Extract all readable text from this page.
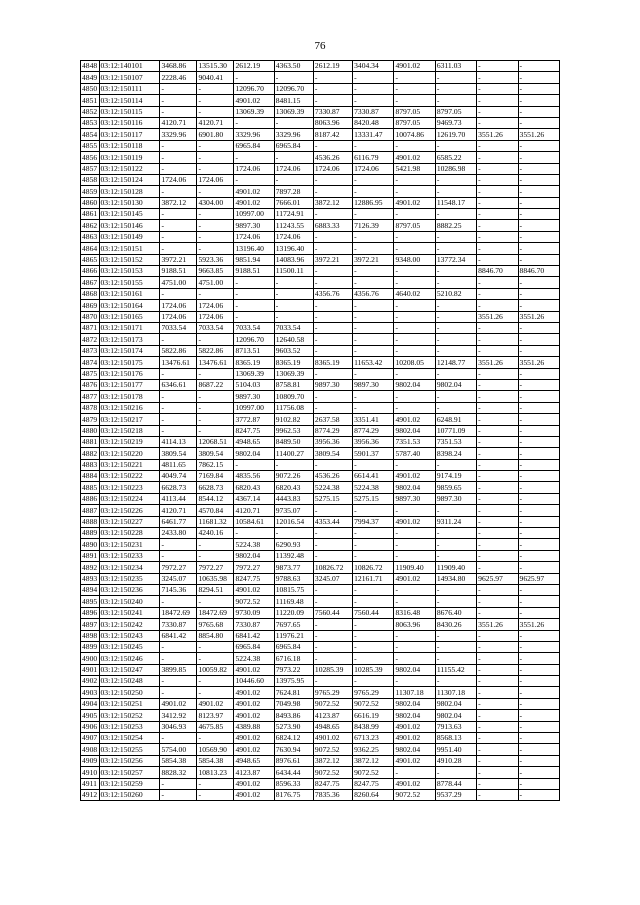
76
4848	03:12:140101	3468.86	13515.30	2612.19	4363.50	2612.19	3404.34	4901.02	6311.03	-	-
4849	03:12:150107	2228.46	9040.41	-	-	-	-	-	-	-	-
4850	03:12:150111	-	-	12096.70	12096.70	-	-	-	-	-	-
4851	03:12:150114	-	-	4901.02	8481.15	-	-	-	-	-	-
4852	03:12:150115	-	-	13069.39	13069.39	7330.87	7330.87	8797.05	8797.05	-	-
4853	03:12:150116	4120.71	4120.71	-	-	8063.96	8420.48	8797.05	9469.73	-	-
4854	03:12:150117	3329.96	6901.80	3329.96	3329.96	8187.42	13331.47	10074.86	12619.70	3551.26	3551.26
4855	03:12:150118	-	-	6965.84	6965.84	-	-	-	-	-	-
4856	03:12:150119	-	-	-	-	4536.26	6116.79	4901.02	6585.22	-	-
4857	03:12:150122	-	-	1724.06	1724.06	1724.06	1724.06	5421.98	10286.98	-	-
4858	03:12:150124	1724.06	1724.06	-	-	-	-	-	-	-	-
4859	03:12:150128	-	-	4901.02	7897.28	-	-	-	-	-	-
4860	03:12:150130	3872.12	4304.00	4901.02	7666.01	3872.12	12886.95	4901.02	11548.17	-	-
4861	03:12:150145	-	-	10997.00	11724.91	-	-	-	-	-	-
4862	03:12:150146	-	-	9897.30	11243.55	6883.33	7126.39	8797.05	8882.25	-	-
4863	03:12:150149	-	-	1724.06	1724.06	-	-	-	-	-	-
4864	03:12:150151	-	-	13196.40	13196.40	-	-	-	-	-	-
4865	03:12:150152	3972.21	5923.36	9851.94	14083.96	3972.21	3972.21	9348.00	13772.34	-	-
4866	03:12:150153	9188.51	9663.85	9188.51	11500.11	-	-	-	-	8846.70	8846.70
4867	03:12:150155	4751.00	4751.00	-	-	-	-	-	-	-	-
4868	03:12:150161	-	-	-	-	4356.76	4356.76	4640.02	5210.82	-	-
4869	03:12:150164	1724.06	1724.06	-	-	-	-	-	-	-	-
4870	03:12:150165	1724.06	1724.06	-	-	-	-	-	-	3551.26	3551.26
4871	03:12:150171	7033.54	7033.54	7033.54	7033.54	-	-	-	-	-	-
4872	03:12:150173	-	-	12096.70	12640.58	-	-	-	-	-	-
4873	03:12:150174	5822.86	5822.86	8713.51	9603.52	-	-	-	-	-	-
4874	03:12:150175	13476.61	13476.61	8365.19	8365.19	8365.19	11653.42	10208.05	12148.77	3551.26	3551.26
4875	03:12:150176	-	-	13069.39	13069.39	-	-	-	-	-	-
4876	03:12:150177	6346.61	8687.22	5104.03	8758.81	9897.30	9897.30	9802.04	9802.04	-	-
4877	03:12:150178	-	-	9897.30	10809.70	-	-	-	-	-	-
4878	03:12:150216	-	-	10997.00	11756.08	-	-	-	-	-	-
4879	03:12:150217	-	-	3772.87	9102.82	2637.58	3351.41	4901.02	6248.91	-	-
4880	03:12:150218	-	-	8247.75	9962.53	8774.29	8774.29	9802.04	10771.09	-	-
4881	03:12:150219	4114.13	12068.51	4948.65	8489.50	3956.36	3956.36	7351.53	7351.53	-	-
4882	03:12:150220	3809.54	3809.54	9802.04	11400.27	3809.54	5901.37	5787.40	8398.24	-	-
4883	03:12:150221	4811.65	7862.15	-	-	-	-	-	-	-	-
4884	03:12:150222	4049.74	7169.84	4835.56	9072.26	4536.26	6614.41	4901.02	9174.19	-	-
4885	03:12:150223	6628.73	6628.73	6820.43	6820.43	5224.38	5224.38	9802.04	9859.65	-	-
4886	03:12:150224	4113.44	8544.12	4367.14	4443.83	5275.15	5275.15	9897.30	9897.30	-	-
4887	03:12:150226	4120.71	4570.84	4120.71	9735.07	-	-	-	-	-	-
4888	03:12:150227	6461.77	11681.32	10584.61	12016.54	4353.44	7994.37	4901.02	9311.24	-	-
4889	03:12:150228	2433.80	4240.16	-	-	-	-	-	-	-	-
4890	03:12:150231	-	-	5224.38	6290.93	-	-	-	-	-	-
4891	03:12:150233	-	-	9802.04	11392.48	-	-	-	-	-	-
4892	03:12:150234	7972.27	7972.27	7972.27	9873.77	10826.72	10826.72	11909.40	11909.40	-	-
4893	03:12:150235	3245.07	10635.98	8247.75	9788.63	3245.07	12161.71	4901.02	14934.80	9625.97	9625.97
4894	03:12:150236	7145.36	8294.51	4901.02	10815.75	-	-	-	-	-	-
4895	03:12:150240	-	-	9072.52	11169.48	-	-	-	-	-	-
4896	03:12:150241	18472.69	18472.69	9730.09	11220.09	7560.44	7560.44	8316.48	8676.40	-	-
4897	03:12:150242	7330.87	9765.68	7330.87	7697.65	-	-	8063.96	8430.26	3551.26	3551.26
4898	03:12:150243	6841.42	8854.80	6841.42	11976.21	-	-	-	-	-	-
4899	03:12:150245	-	-	6965.84	6965.84	-	-	-	-	-	-
4900	03:12:150246	-	-	5224.38	6716.18	-	-	-	-	-	-
4901	03:12:150247	3899.85	10059.82	4901.02	7973.22	10285.39	10285.39	9802.04	11155.42	-	-
4902	03:12:150248	-	-	10446.60	13975.95	-	-	-	-	-	-
4903	03:12:150250	-	-	4901.02	7624.81	9765.29	9765.29	11307.18	11307.18	-	-
4904	03:12:150251	4901.02	4901.02	4901.02	7049.98	9072.52	9072.52	9802.04	9802.04	-	-
4905	03:12:150252	3412.92	8123.97	4901.02	8493.86	4123.87	6616.19	9802.04	9802.04	-	-
4906	03:12:150253	3046.93	4675.85	4389.88	5273.90	4948.65	8438.99	4901.02	7913.63	-	-
4907	03:12:150254	-	-	4901.02	6824.12	4901.02	6713.23	4901.02	8568.13	-	-
4908	03:12:150255	5754.00	10569.90	4901.02	7630.94	9072.52	9362.25	9802.04	9951.40	-	-
4909	03:12:150256	5854.38	5854.38	4948.65	8976.61	3872.12	3872.12	4901.02	4910.28	-	-
4910	03:12:150257	8828.32	10813.23	4123.87	6434.44	9072.52	9072.52	-	-	-	-
4911	03:12:150259	-	-	4901.02	8596.33	8247.75	8247.75	4901.02	8778.44	-	-
4912	03:12:150260	-	-	4901.02	8176.75	7835.36	8260.64	9072.52	9537.29	-	-
